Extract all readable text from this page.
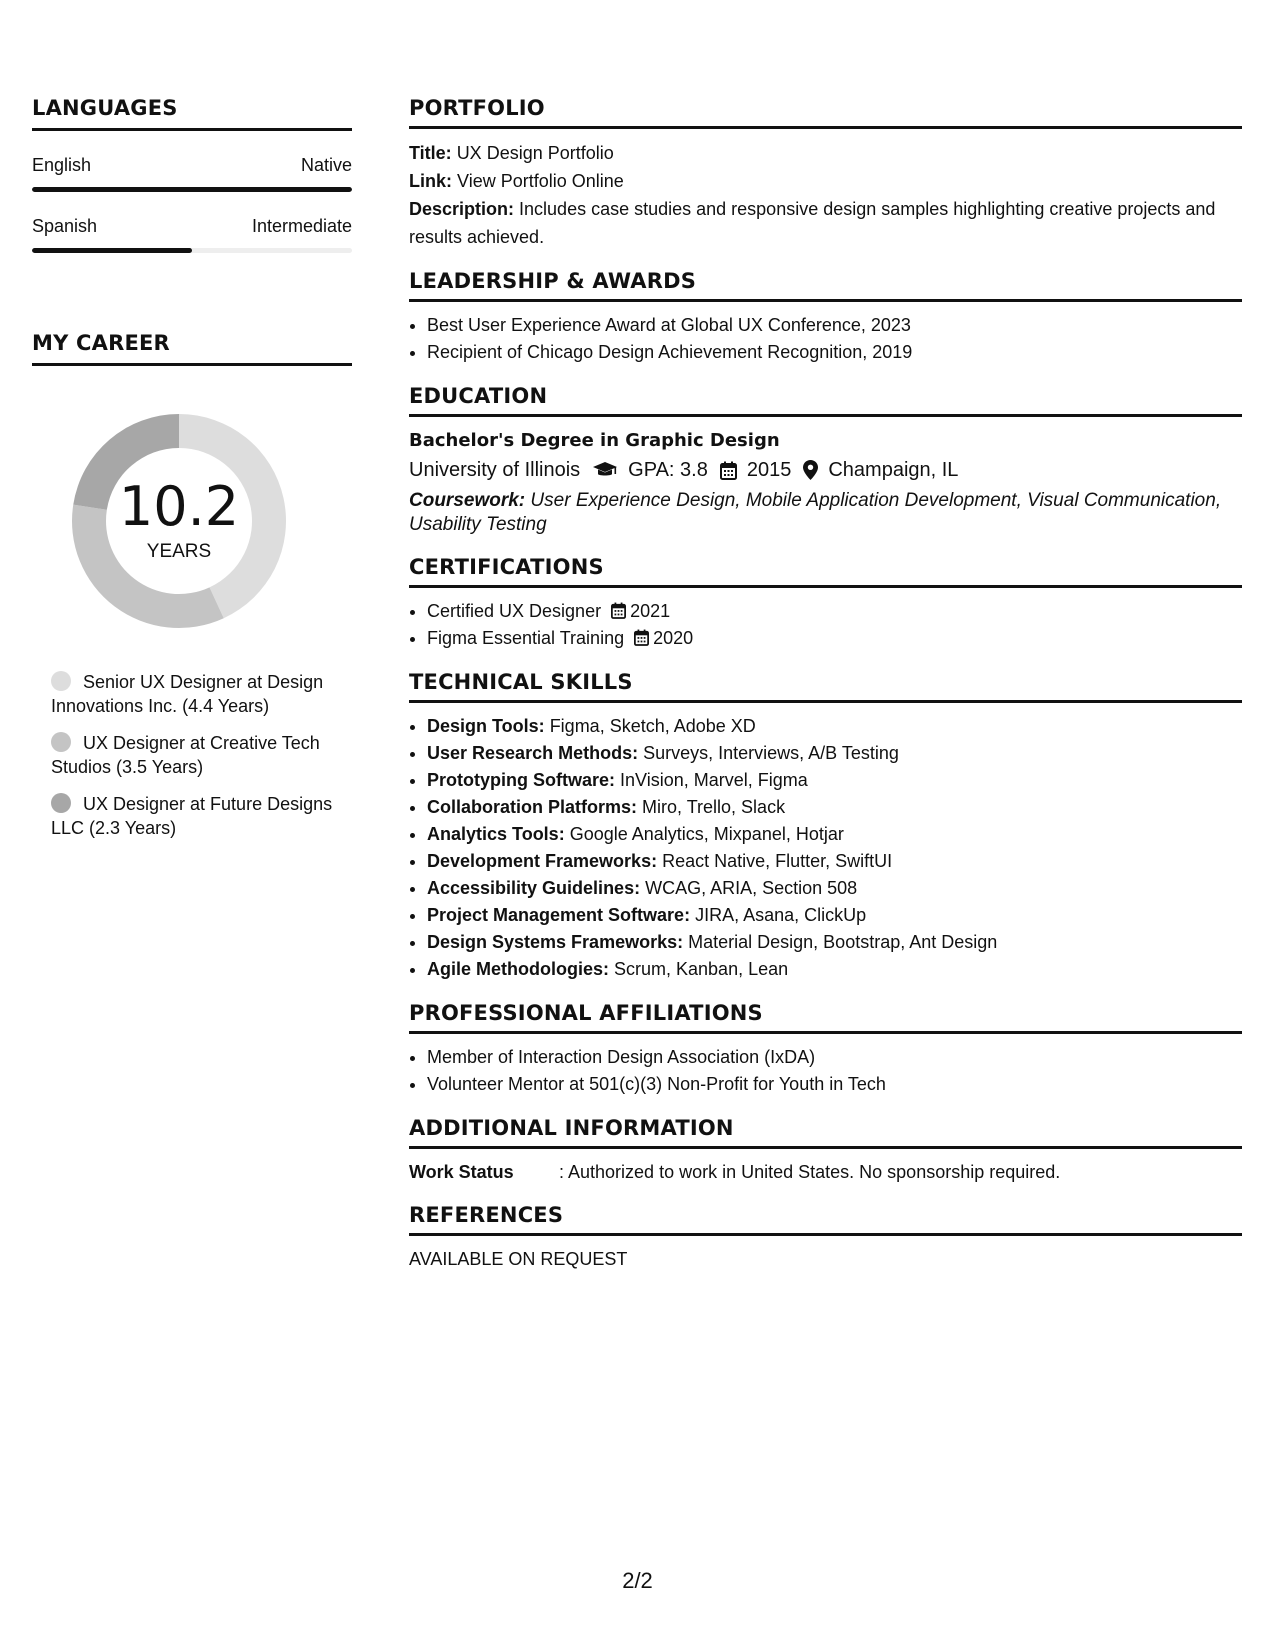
LANGUAGES
English	Native
Spanish	Intermediate
MY CAREER
10.2
YEARS
Senior UX Designer at Design Innovations Inc. (4.4 Years)
UX Designer at Creative Tech Studios (3.5 Years)
UX Designer at Future Designs LLC (2.3 Years)
PORTFOLIO
Title: UX Design Portfolio
Link: View Portfolio Online
Description: Includes case studies and responsive design samples highlighting creative projects and results achieved.
LEADERSHIP & AWARDS
• Best User Experience Award at Global UX Conference, 2023
• Recipient of Chicago Design Achievement Recognition, 2019
EDUCATION
Bachelor's Degree in Graphic Design
University of Illinois GPA: 3.8 2015 Champaign, IL
Coursework: User Experience Design, Mobile Application Development, Visual Communication, Usability Testing
CERTIFICATIONS
• Certified UX Designer 2021
• Figma Essential Training 2020
TECHNICAL SKILLS
• Design Tools: Figma, Sketch, Adobe XD
• User Research Methods: Surveys, Interviews, A/B Testing
• Prototyping Software: InVision, Marvel, Figma
• Collaboration Platforms: Miro, Trello, Slack
• Analytics Tools: Google Analytics, Mixpanel, Hotjar
• Development Frameworks: React Native, Flutter, SwiftUI
• Accessibility Guidelines: WCAG, ARIA, Section 508
• Project Management Software: JIRA, Asana, ClickUp
• Design Systems Frameworks: Material Design, Bootstrap, Ant Design
• Agile Methodologies: Scrum, Kanban, Lean
PROFESSIONAL AFFILIATIONS
• Member of Interaction Design Association (IxDA)
• Volunteer Mentor at 501(c)(3) Non-Profit for Youth in Tech
ADDITIONAL INFORMATION
Work Status	: Authorized to work in United States. No sponsorship required.
REFERENCES
AVAILABLE ON REQUEST
2/2
